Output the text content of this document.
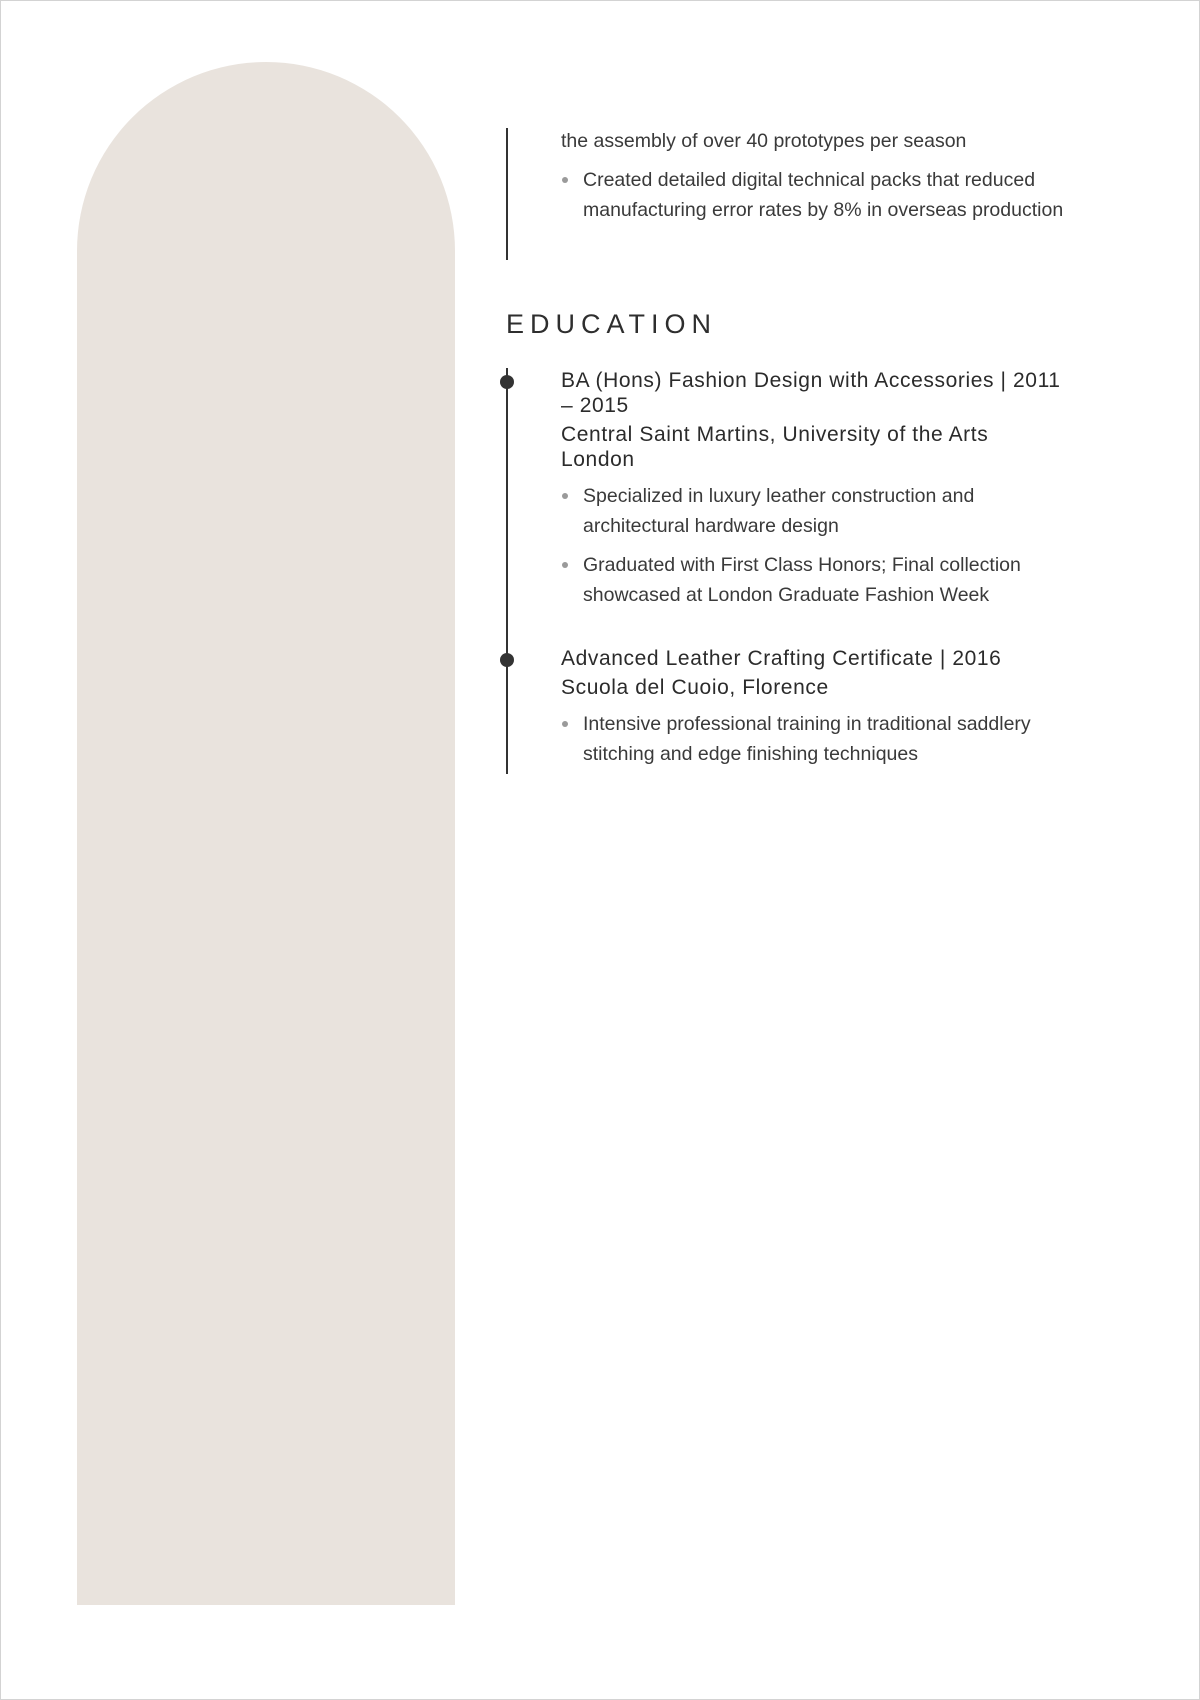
the assembly of over 40 prototypes per season

Created detailed digital technical packs that reduced manufacturing error rates by 8% in overseas production
EDUCATION

BA (Hons) Fashion Design with Accessories | 2011 – 2015

Central Saint Martins, University of the Arts London

Specialized in luxury leather construction and architectural hardware design
Graduated with First Class Honors; Final collection showcased at London Graduate Fashion Week

Advanced Leather Crafting Certificate | 2016

Scuola del Cuoio, Florence

Intensive professional training in traditional saddlery stitching and edge finishing techniques
